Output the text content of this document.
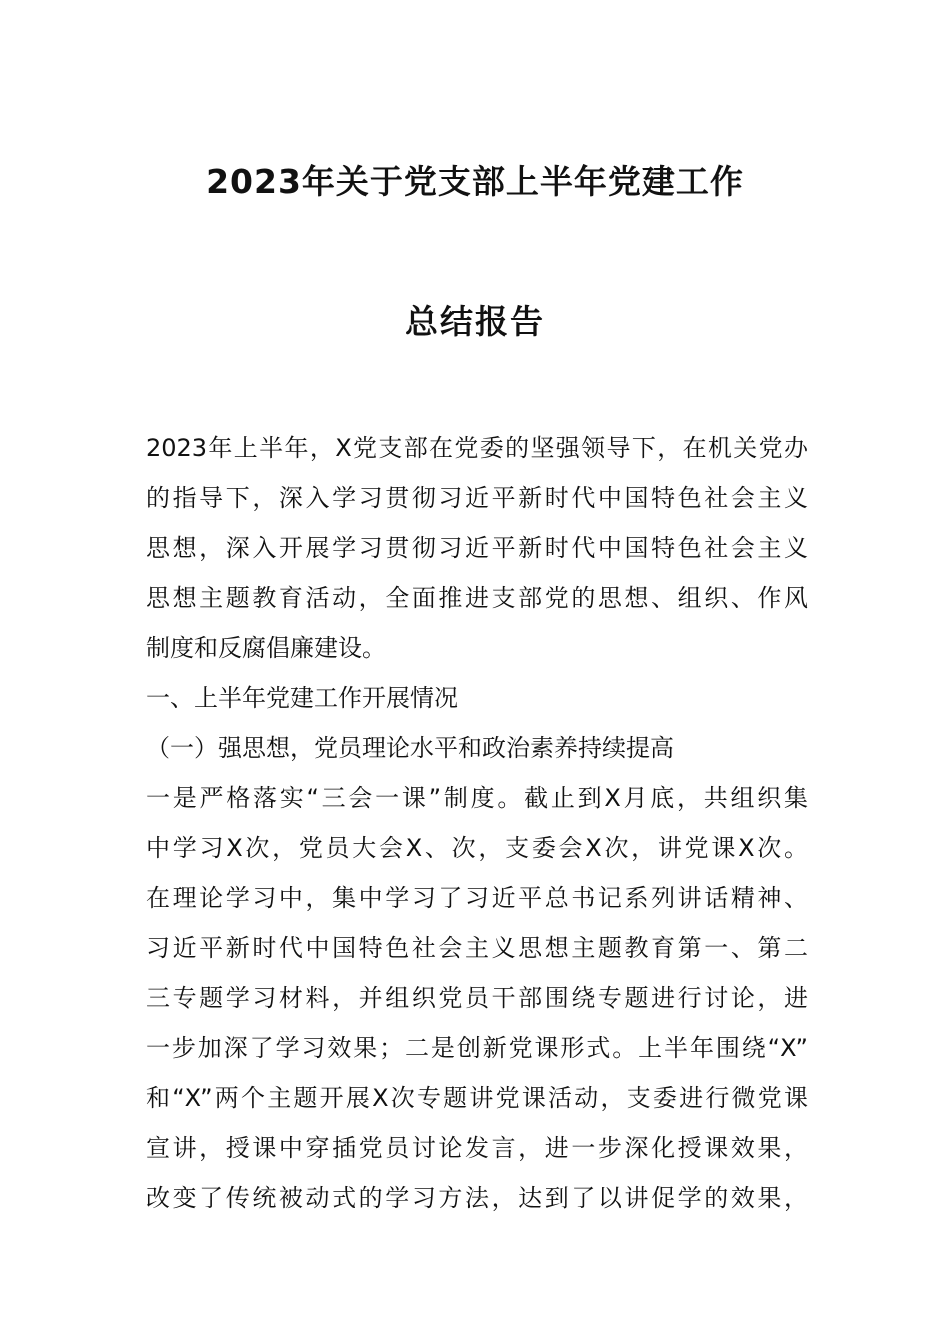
2023年关于党支部上半年党建工作
总结报告
2023年上半年，X党支部在党委的坚强领导下，在机关党办
的指导下，深入学习贯彻习近平新时代中国特色社会主义
思想，深入开展学习贯彻习近平新时代中国特色社会主义
思想主题教育活动，全面推进支部党的思想、组织、作风
制度和反腐倡廉建设。
一、上半年党建工作开展情况
（一）强思想，党员理论水平和政治素养持续提高
一是严格落实“三会一课”制度。截止到X月底，共组织集
中学习X次，党员大会X、次，支委会X次，讲党课X次。
在理论学习中，集中学习了习近平总书记系列讲话精神、
习近平新时代中国特色社会主义思想主题教育第一、第二
三专题学习材料，并组织党员干部围绕专题进行讨论，进
一步加深了学习效果；二是创新党课形式。上半年围绕“X”
和“X”两个主题开展X次专题讲党课活动，支委进行微党课
宣讲，授课中穿插党员讨论发言，进一步深化授课效果，
改变了传统被动式的学习方法，达到了以讲促学的效果，
